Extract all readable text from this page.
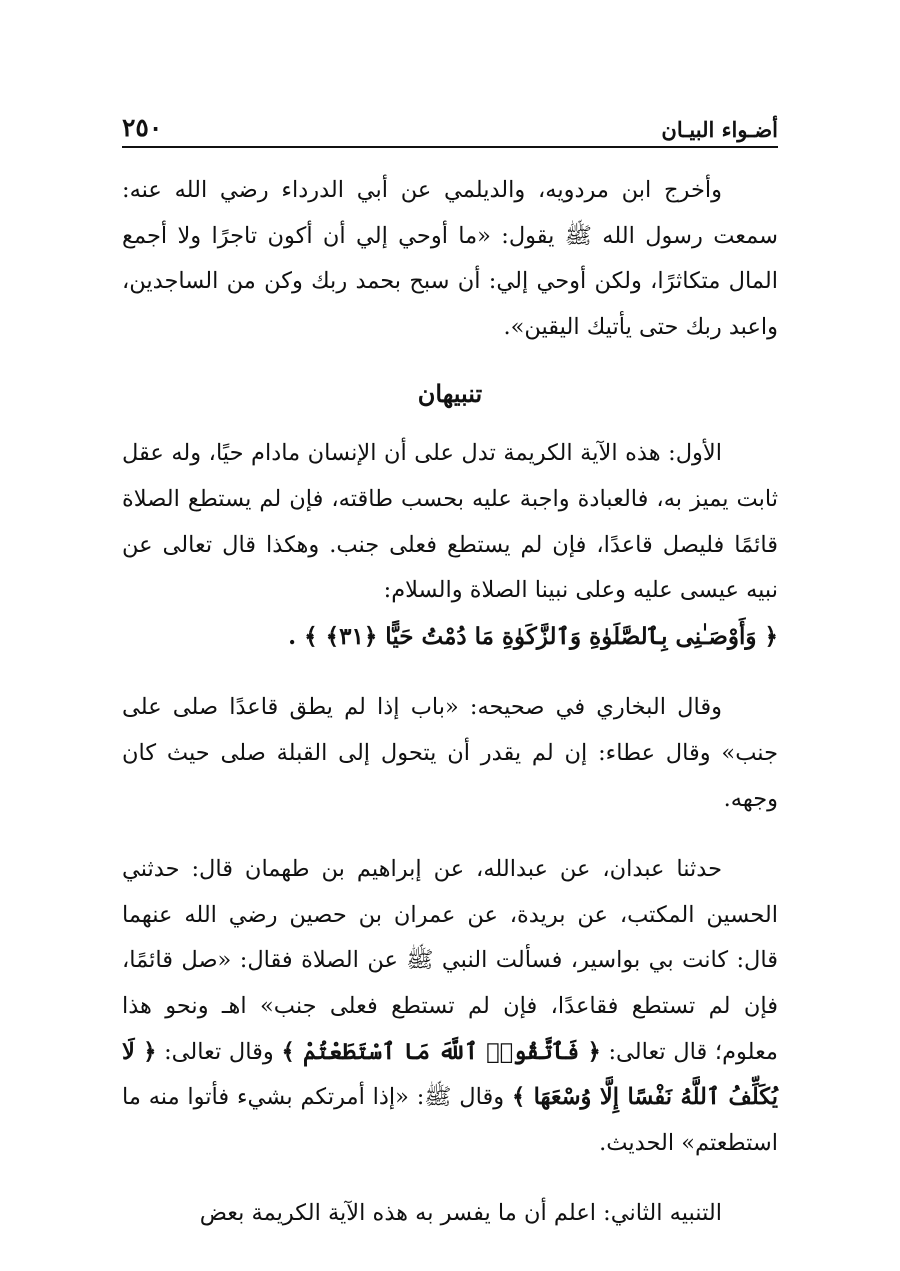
أضـواء البيـان
٢٥٠

وأخرج ابن مردويه، والديلمي عن أبي الدرداء رضي الله عنه: سمعت رسول الله ﷺ يقول: «ما أوحي إلي أن أكون تاجرًا ولا أجمع المال متكاثرًا، ولكن أوحي إلي: أن سبح بحمد ربك وكن من الساجدين، واعبد ربك حتى يأتيك اليقين».

تنبيهان

الأول: هذه الآية الكريمة تدل على أن الإنسان مادام حيًا، وله عقل ثابت يميز به، فالعبادة واجبة عليه بحسب طاقته، فإن لم يستطع الصلاة قائمًا فليصل قاعدًا، فإن لم يستطع فعلى جنب. وهكذا قال تعالى عن نبيه عيسى عليه وعلى نبينا الصلاة والسلام:

﴿ وَأَوْصَـٰنِى بِٱلصَّلَوٰةِ وَٱلزَّكَوٰةِ مَا دُمْتُ حَيًّا ﴿٣١﴾ ﴾ .

وقال البخاري في صحيحه: «باب إذا لم يطق قاعدًا صلى على جنب» وقال عطاء: إن لم يقدر أن يتحول إلى القبلة صلى حيث كان وجهه.

حدثنا عبدان، عن عبدالله، عن إبراهيم بن طهمان قال: حدثني الحسين المكتب، عن بريدة، عن عمران بن حصين رضي الله عنهما قال: كانت بي بواسير، فسألت النبي ﷺ عن الصلاة فقال: «صل قائمًا، فإن لم تستطع فقاعدًا، فإن لم تستطع فعلى جنب» اهـ ونحو هذا معلوم؛ قال تعالى: ﴿ فَٱتَّقُوا۟ ٱللَّهَ مَا ٱسْتَطَعْتُمْ ﴾ وقال تعالى: ﴿ لَا يُكَلِّفُ ٱللَّهُ نَفْسًا إِلَّا وُسْعَهَا ﴾ وقال ﷺ: «إذا أمرتكم بشيء فأتوا منه ما استطعتم» الحديث.

التنبيه الثاني: اعلم أن ما يفسر به هذه الآية الكريمة بعض
